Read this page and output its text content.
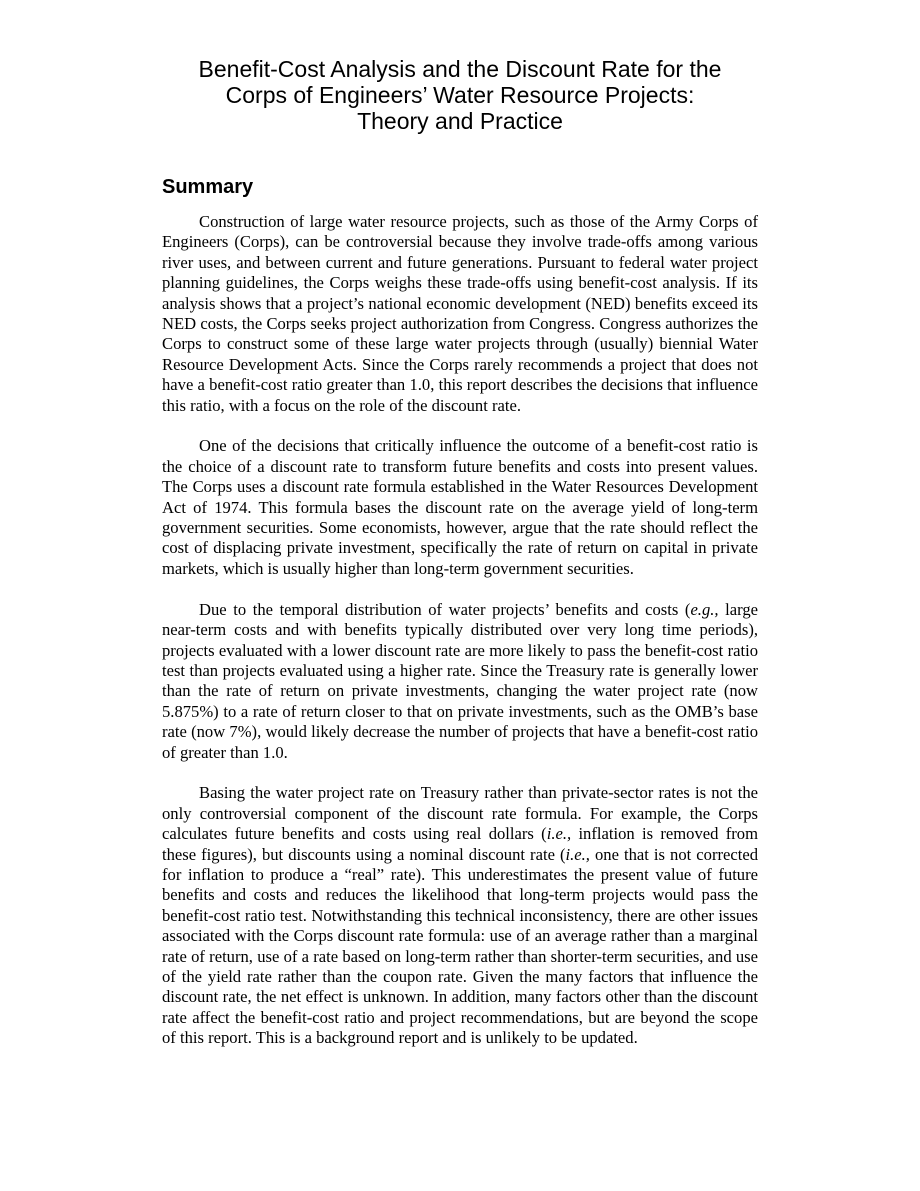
Benefit-Cost Analysis and the Discount Rate for the
Corps of Engineers’ Water Resource Projects:
Theory and Practice
Summary

Construction of large water resource projects, such as those of the Army Corps of Engineers (Corps), can be controversial because they involve trade-offs among various river uses, and between current and future generations. Pursuant to federal water project planning guidelines, the Corps weighs these trade-offs using benefit-cost analysis. If its analysis shows that a project’s national economic development (NED) benefits exceed its NED costs, the Corps seeks project authorization from Congress. Congress authorizes the Corps to construct some of these large water projects through (usually) biennial Water Resource Development Acts. Since the Corps rarely recommends a project that does not have a benefit-cost ratio greater than 1.0, this report describes the decisions that influence this ratio, with a focus on the role of the discount rate.

One of the decisions that critically influence the outcome of a benefit-cost ratio is the choice of a discount rate to transform future benefits and costs into present values. The Corps uses a discount rate formula established in the Water Resources Development Act of 1974. This formula bases the discount rate on the average yield of long-term government securities. Some economists, however, argue that the rate should reflect the cost of displacing private investment, specifically the rate of return on capital in private markets, which is usually higher than long-term government securities.

Due to the temporal distribution of water projects’ benefits and costs (e.g., large near-term costs and with benefits typically distributed over very long time periods), projects evaluated with a lower discount rate are more likely to pass the benefit-cost ratio test than projects evaluated using a higher rate. Since the Treasury rate is generally lower than the rate of return on private investments, changing the water project rate (now 5.875%) to a rate of return closer to that on private investments, such as the OMB’s base rate (now 7%), would likely decrease the number of projects that have a benefit-cost ratio of greater than 1.0.

Basing the water project rate on Treasury rather than private-sector rates is not the only controversial component of the discount rate formula. For example, the Corps calculates future benefits and costs using real dollars (i.e., inflation is removed from these figures), but discounts using a nominal discount rate (i.e., one that is not corrected for inflation to produce a “real” rate). This underestimates the present value of future benefits and costs and reduces the likelihood that long-term projects would pass the benefit-cost ratio test. Notwithstanding this technical inconsistency, there are other issues associated with the Corps discount rate formula: use of an average rather than a marginal rate of return, use of a rate based on long-term rather than shorter-term securities, and use of the yield rate rather than the coupon rate. Given the many factors that influence the discount rate, the net effect is unknown. In addition, many factors other than the discount rate affect the benefit-cost ratio and project recommendations, but are beyond the scope of this report. This is a background report and is unlikely to be updated.
